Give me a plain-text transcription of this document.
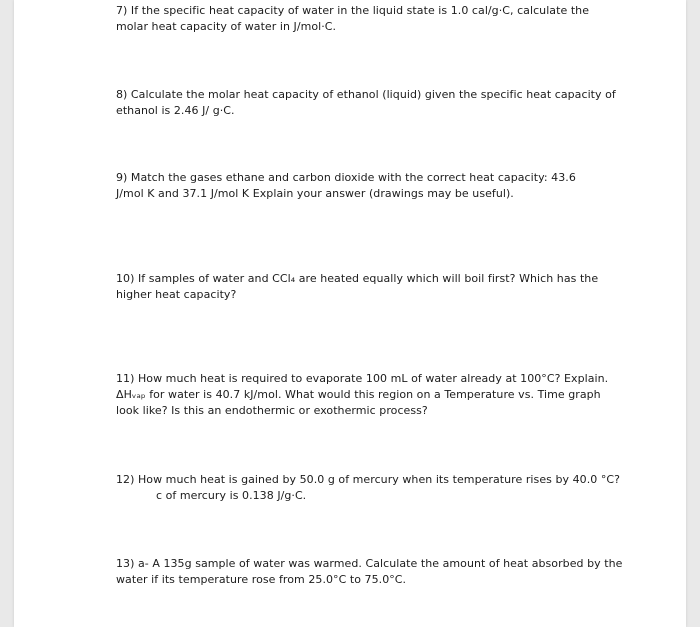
7) If the specific heat capacity of water in the liquid state is 1.0 cal/g·C, calculate the
molar heat capacity of water in J/mol·C.
8) Calculate the molar heat capacity of ethanol (liquid) given the specific heat capacity of
ethanol is 2.46 J/ g·C.
9) Match the gases ethane and carbon dioxide with the correct heat capacity: 43.6
J/mol K and 37.1 J/mol K Explain your answer (drawings may be useful).
10) If samples of water and CCl₄ are heated equally which will boil first? Which has the
higher heat capacity?
11) How much heat is required to evaporate 100 mL of water already at 100°C? Explain.
ΔHᵥₐₚ for water is 40.7 kJ/mol. What would this region on a Temperature vs. Time graph
look like? Is this an endothermic or exothermic process?
12) How much heat is gained by 50.0 g of mercury when its temperature rises by 40.0 °C?
c of mercury is 0.138 J/g·C.
13) a- A 135g sample of water was warmed. Calculate the amount of heat absorbed by the
water if its temperature rose from 25.0°C to 75.0°C.
